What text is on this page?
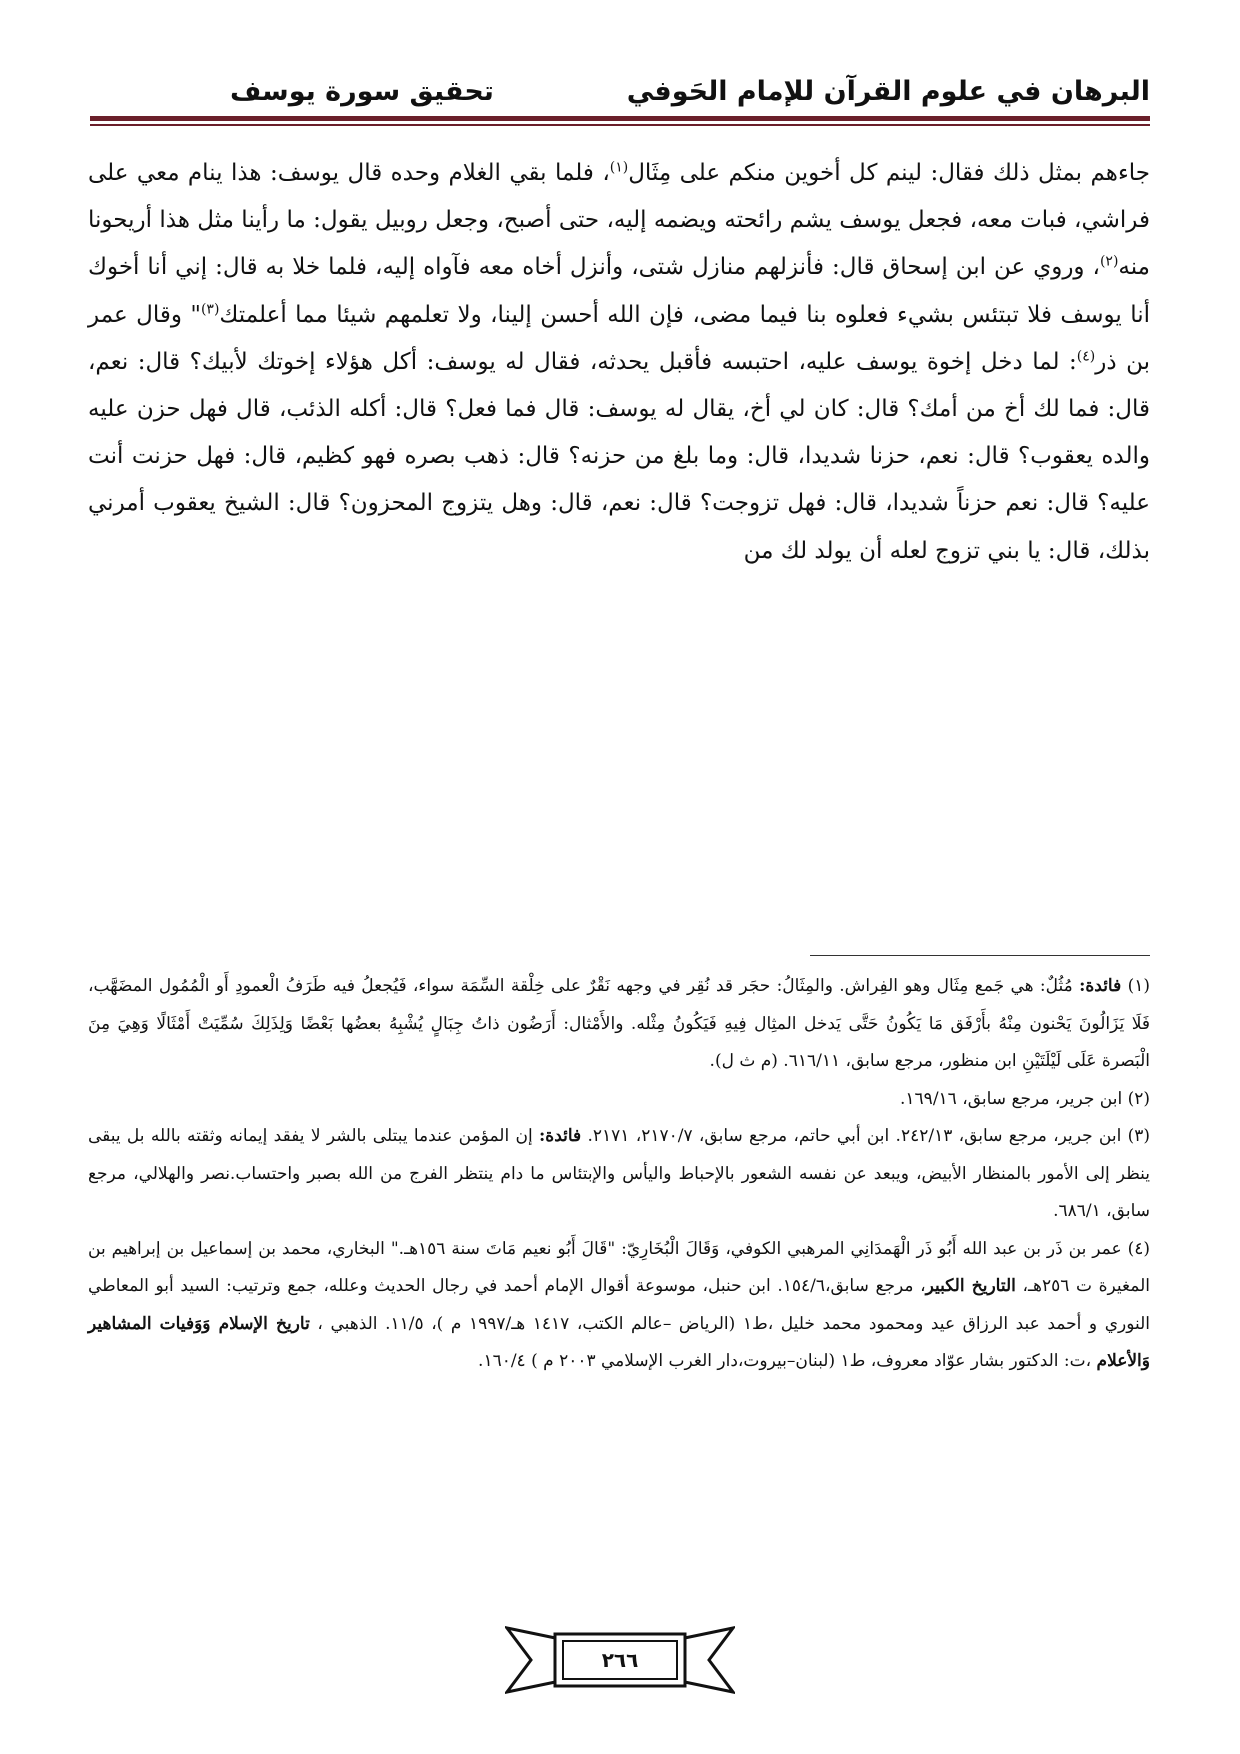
البرهان في علوم القرآن للإمام الحَوفي
تحقيق سورة يوسف

جاءهم بمثل ذلك فقال: لينم كل أخوين منكم على مِثَال$^{(١)}$، فلما بقي الغلام وحده قال يوسف: هذا ينام معي على فراشي، فبات معه، فجعل يوسف يشم رائحته ويضمه إليه، حتى أصبح، وجعل روبيل يقول: ما رأينا مثل هذا أريحونا منه$^{(٢)}$، وروي عن ابن إسحاق قال: فأنزلهم منازل شتى، وأنزل أخاه معه فآواه إليه، فلما خلا به قال: إني أنا أخوك أنا يوسف فلا تبتئس بشيء فعلوه بنا فيما مضى، فإن الله أحسن إلينا، ولا تعلمهم شيئا مما أعلمتك$^{(٣)}$" وقال عمر بن ذر$^{(٤)}$: لما دخل إخوة يوسف عليه، احتبسه فأقبل يحدثه، فقال له يوسف: أكل هؤلاء إخوتك لأبيك؟ قال: نعم، قال: فما لك أخ من أمك؟ قال: كان لي أخ، يقال له يوسف: قال فما فعل؟ قال: أكله الذئب، قال فهل حزن عليه والده يعقوب؟ قال: نعم، حزنا شديدا، قال: وما بلغ من حزنه؟ قال: ذهب بصره فهو كظيم، قال: فهل حزنت أنت عليه؟ قال: نعم حزناً شديدا، قال: فهل تزوجت؟ قال: نعم، قال: وهل يتزوج المحزون؟ قال: الشيخ يعقوب أمرني بذلك، قال: يا بني تزوج لعله أن يولد لك من

(١) فائدة: مُثُلٌ: هي جَمع مِثَال وهو الفِراش. والمِثَالُ: حجَر قد نُقِر في وجهه نَقْرٌ على خِلْقة السِّمَة سواء، فَيُجعلُ فيه طَرَفُ الْعمودِ أَو الْمُمُول المضَهَّب، فَلَا يَزَالُونَ يَحْنون مِنْهُ بأَرْفَق مَا يَكُونُ حَتَّى يَدخل المثِال فِيهِ فَيَكُونُ مِثْله. والأَمْثال: أَرَضُون ذاتُ جِبَالٍ يُشْبِهُ بعضُها بَعْضًا وَلِذَلِكَ سُمِّيَتْ أَمْثَالًا وَهِيَ مِنَ الْبَصرة عَلَى لَيْلَتَيْنِ ابن منظور، مرجع سابق، ٦١٦/١١. (م ث ل).

(٢) ابن جرير، مرجع سابق، ١٦٩/١٦.

(٣) ابن جرير، مرجع سابق، ٢٤٢/١٣. ابن أبي حاتم، مرجع سابق، ٢١٧٠/٧، ٢١٧١. فائدة: إن المؤمن عندما يبتلى بالشر لا يفقد إيمانه وثقته بالله بل يبقى ينظر إلى الأمور بالمنظار الأبيض، ويبعد عن نفسه الشعور بالإحباط واليأس والإبتئاس ما دام ينتظر الفرج من الله بصبر واحتساب.نصر والهلالي، مرجع سابق، ٦٨٦/١.

(٤) عمر بن ذَر بن عبد الله أَبُو ذَر الْهَمدَانِي المرهبي الكوفي، وَقَالَ الْبُخَارِيّ: "قَالَ أَبُو نعيم مَاتَ سنة ١٥٦هـ." البخاري، محمد بن إسماعيل بن إبراهيم بن المغيرة ت ٢٥٦هـ، التاريخ الكبير، مرجع سابق،١٥٤/٦. ابن حنبل، موسوعة أقوال الإمام أحمد في رجال الحديث وعلله، جمع وترتيب: السيد أبو المعاطي النوري و أحمد عبد الرزاق عيد ومحمود محمد خليل ،ط١ (الرياض –عالم الكتب، ١٤١٧ هـ/١٩٩٧ م )، ١١/٥. الذهبي ، تاريخ الإسلام وَوَفيات المشاهير وَالأعلام ،ت: الدكتور بشار عوّاد معروف، ط١ (لبنان–بيروت،دار الغرب الإسلامي ٢٠٠٣ م ) ١٦٠/٤.

٢٦٦
